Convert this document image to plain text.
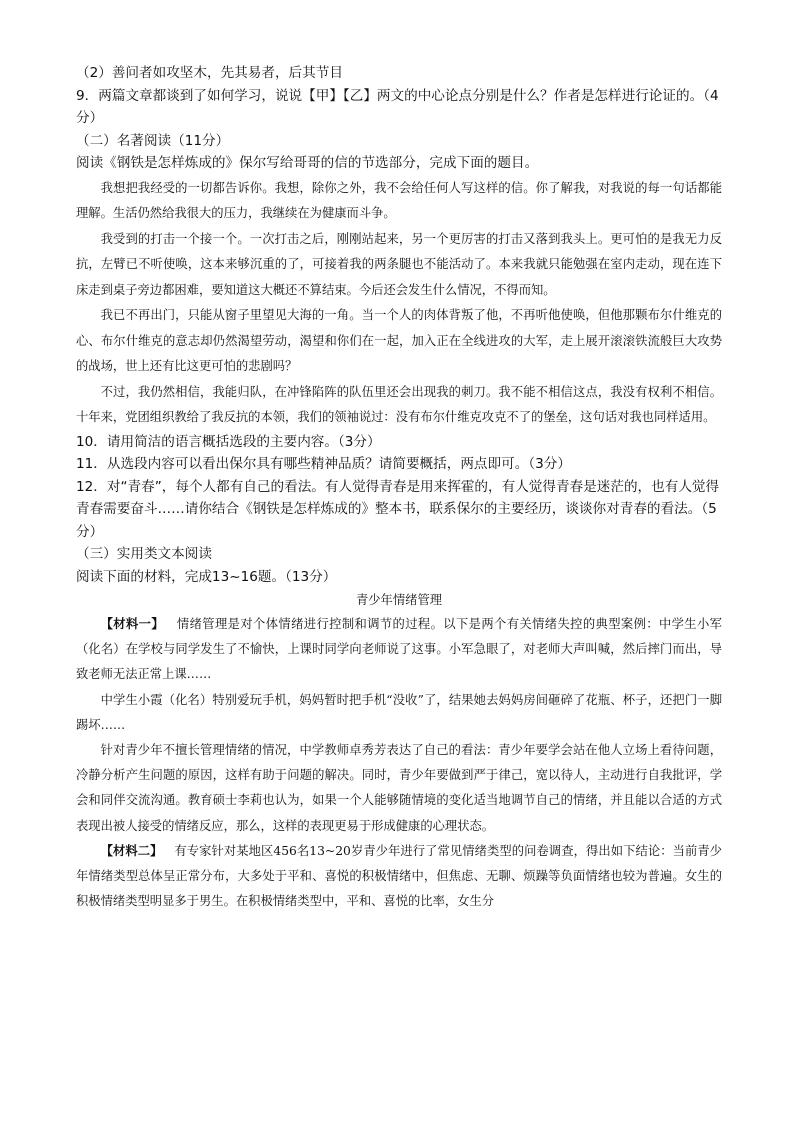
（2）善问者如攻坚木，先其易者，后其节目

9．两篇文章都谈到了如何学习，说说【甲】【乙】两文的中心论点分别是什么？作者是怎样进行论证的。（4分）

（二）名著阅读（11分）

阅读《钢铁是怎样炼成的》保尔写给哥哥的信的节选部分，完成下面的题目。

我想把我经受的一切都告诉你。我想，除你之外，我不会给任何人写这样的信。你了解我，对我说的每一句话都能理解。生活仍然给我很大的压力，我继续在为健康而斗争。

我受到的打击一个接一个。一次打击之后，刚刚站起来，另一个更厉害的打击又落到我头上。更可怕的是我无力反抗，左臂已不听使唤，这本来够沉重的了，可接着我的两条腿也不能活动了。本来我就只能勉强在室内走动，现在连下床走到桌子旁边都困难，要知道这大概还不算结束。今后还会发生什么情况，不得而知。

我已不再出门，只能从窗子里望见大海的一角。当一个人的肉体背叛了他，不再听他使唤，但他那颗布尔什维克的心、布尔什维克的意志却仍然渴望劳动，渴望和你们在一起，加入正在全线进攻的大军，走上展开滚滚铁流般巨大攻势的战场，世上还有比这更可怕的悲剧吗？

不过，我仍然相信，我能归队，在冲锋陷阵的队伍里还会出现我的刺刀。我不能不相信这点，我没有权利不相信。十年来，党团组织教给了我反抗的本领，我们的领袖说过：没有布尔什维克攻克不了的堡垒，这句话对我也同样适用。

10．请用简洁的语言概括选段的主要内容。（3分）

11．从选段内容可以看出保尔具有哪些精神品质？请简要概括，两点即可。（3分）

12．对“青春”，每个人都有自己的看法。有人觉得青春是用来挥霍的，有人觉得青春是迷茫的，也有人觉得青春需要奋斗……请你结合《钢铁是怎样炼成的》整本书，联系保尔的主要经历，谈谈你对青春的看法。（5分）

（三）实用类文本阅读

阅读下面的材料，完成13~16题。（13分）

青少年情绪管理

【材料一】 情绪管理是对个体情绪进行控制和调节的过程。以下是两个有关情绪失控的典型案例：中学生小军（化名）在学校与同学发生了不愉快，上课时同学向老师说了这事。小军急眼了，对老师大声叫喊，然后摔门而出，导致老师无法正常上课……

中学生小霞（化名）特别爱玩手机，妈妈暂时把手机“没收”了，结果她去妈妈房间砸碎了花瓶、杯子，还把门一脚踢坏……

针对青少年不擅长管理情绪的情况，中学教师卓秀芳表达了自己的看法：青少年要学会站在他人立场上看待问题，冷静分析产生问题的原因，这样有助于问题的解决。同时，青少年要做到严于律己，宽以待人，主动进行自我批评，学会和同伴交流沟通。教育硕士李莉也认为，如果一个人能够随情境的变化适当地调节自己的情绪，并且能以合适的方式表现出被人接受的情绪反应，那么，这样的表现更易于形成健康的心理状态。

【材料二】 有专家针对某地区456名13~20岁青少年进行了常见情绪类型的问卷调查，得出如下结论：当前青少年情绪类型总体呈正常分布，大多处于平和、喜悦的积极情绪中，但焦虑、无聊、烦躁等负面情绪也较为普遍。女生的积极情绪类型明显多于男生。在积极情绪类型中，平和、喜悦的比率，女生分
